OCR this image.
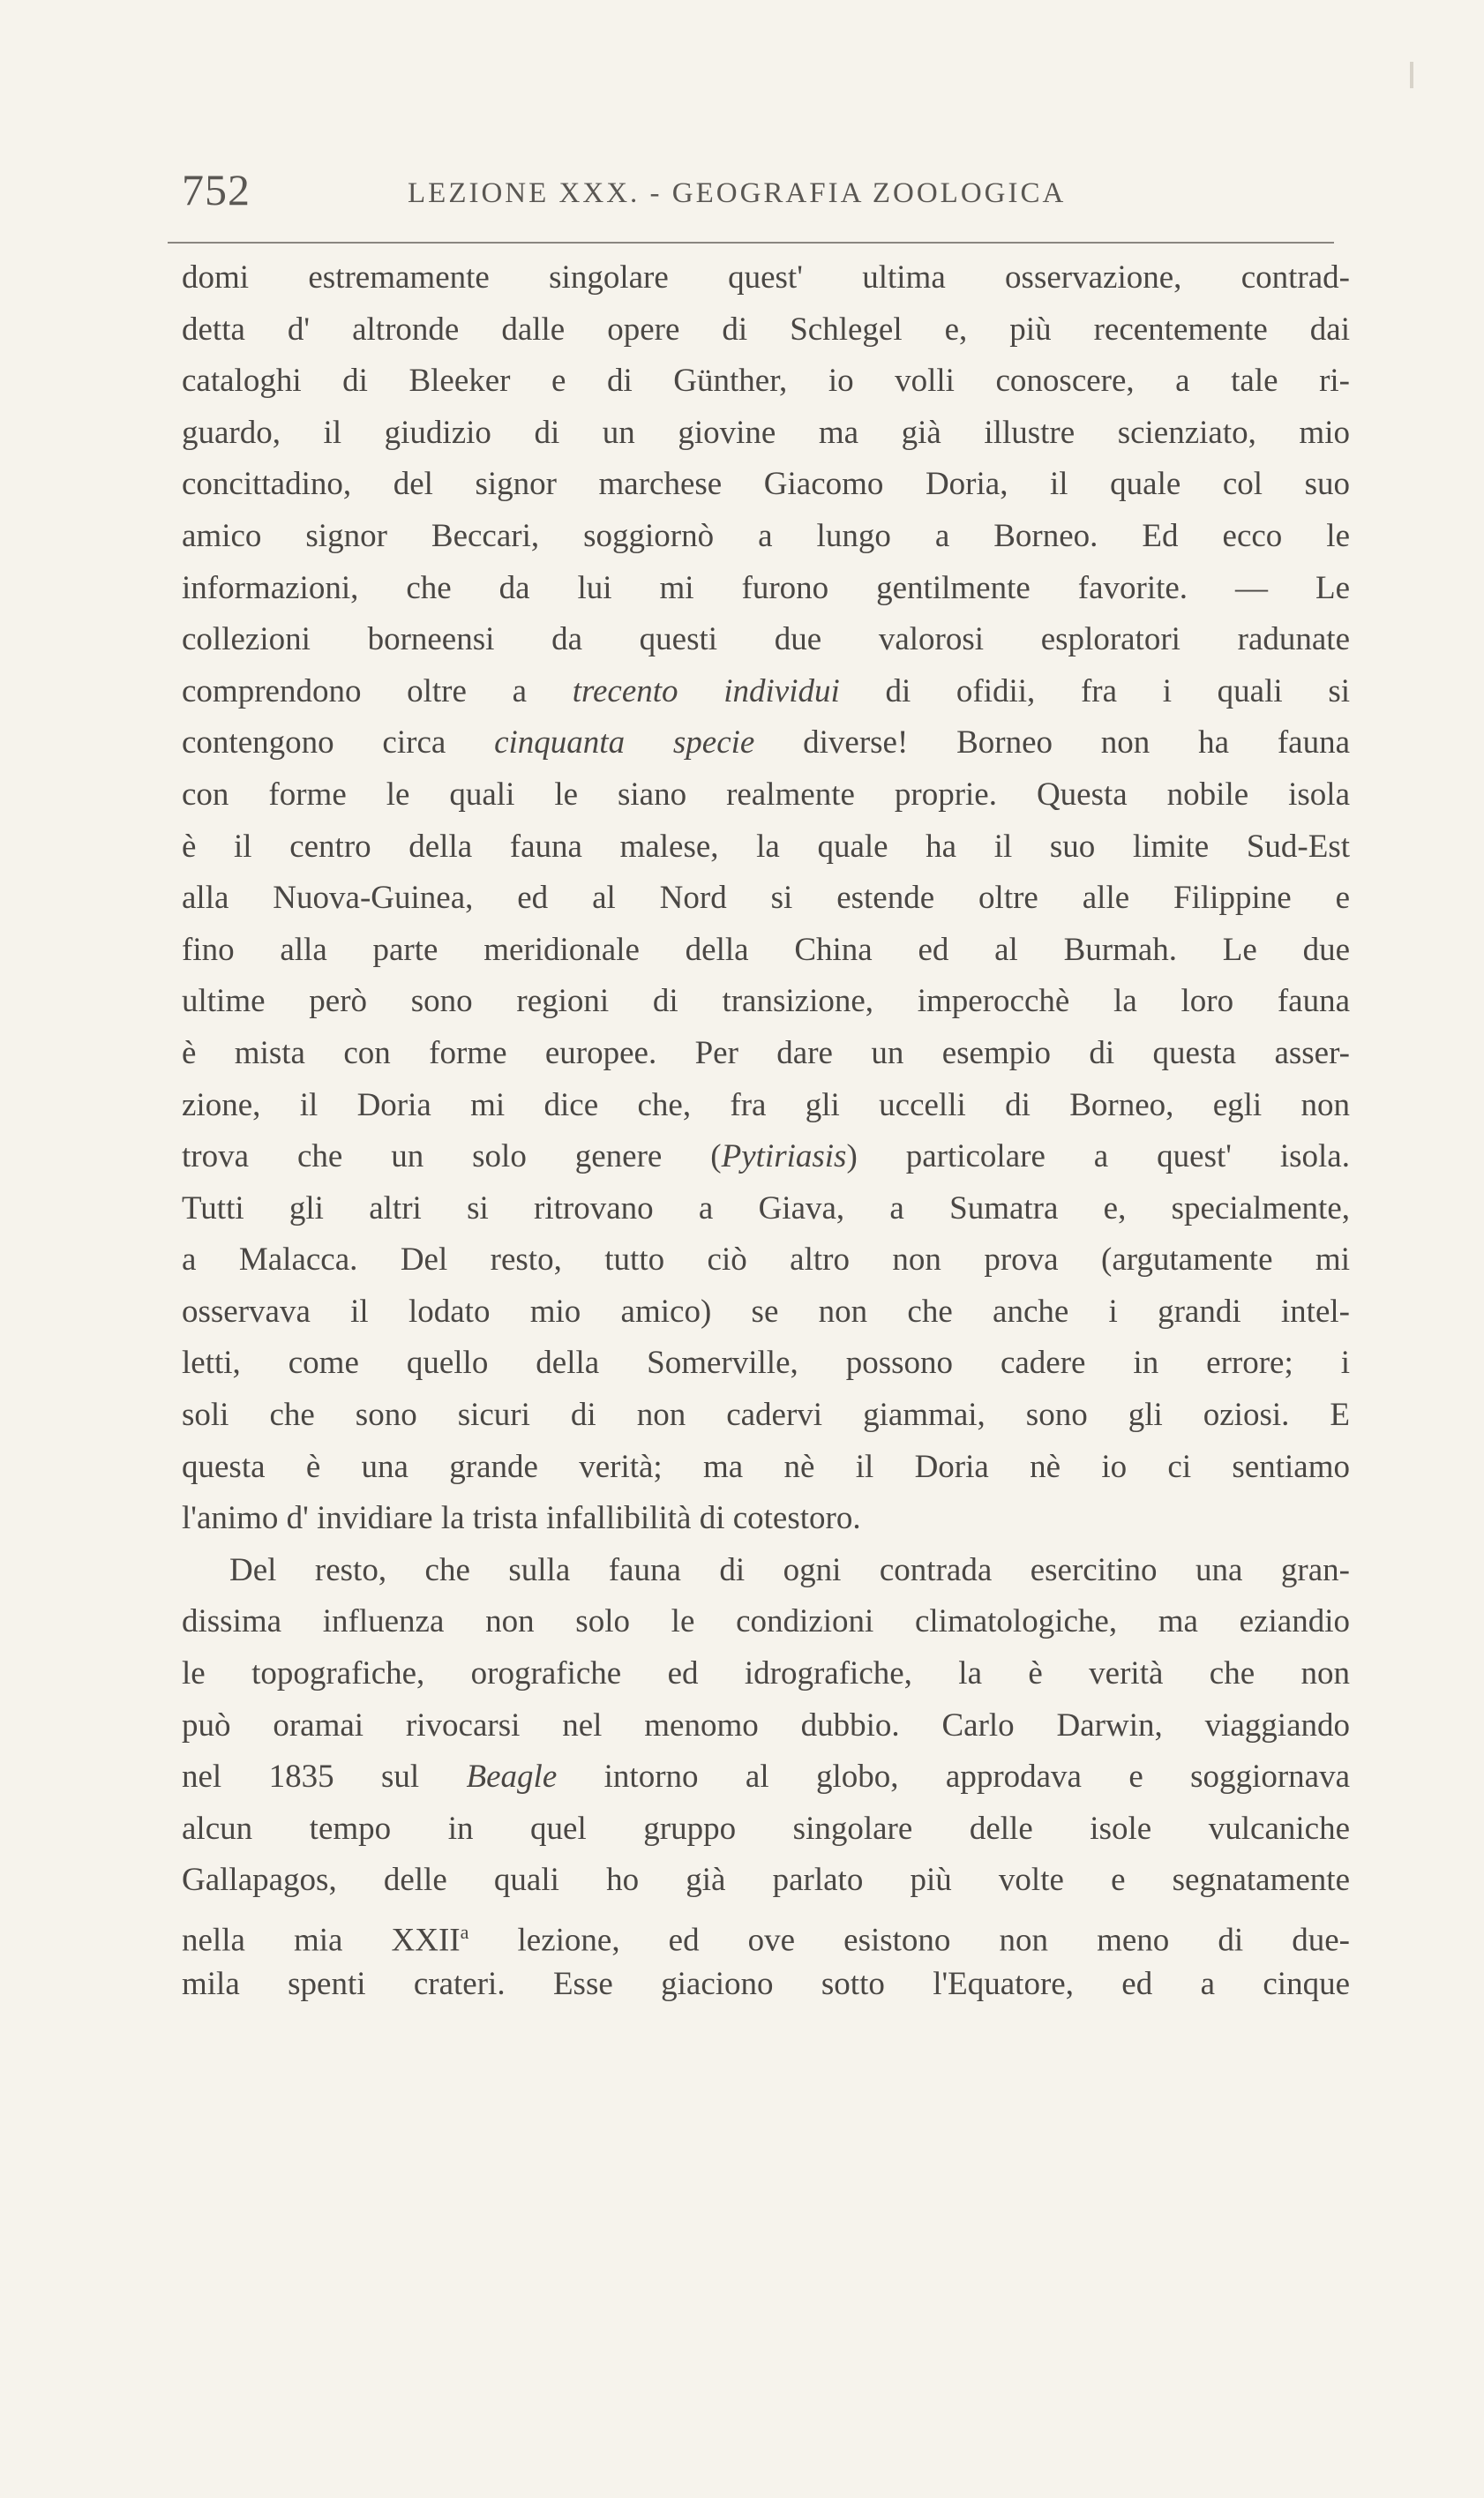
752	LEZIONE XXX. - GEOGRAFIA ZOOLOGICA
domi estremamente singolare quest' ultima osservazione, contrad-
detta d' altronde dalle opere di Schlegel e, più recentemente dai
cataloghi di Bleeker e di Günther, io volli conoscere, a tale ri-
guardo, il giudizio di un giovine ma già illustre scienziato, mio
concittadino, del signor marchese Giacomo Doria, il quale col suo
amico signor Beccari, soggiornò a lungo a Borneo. Ed ecco le
informazioni, che da lui mi furono gentilmente favorite. — Le
collezioni borneensi da questi due valorosi esploratori radunate
comprendono oltre a trecento individui di ofidii, fra i quali si
contengono circa cinquanta specie diverse! Borneo non ha fauna
con forme le quali le siano realmente proprie. Questa nobile isola
è il centro della fauna malese, la quale ha il suo limite Sud-Est
alla Nuova-Guinea, ed al Nord si estende oltre alle Filippine e
fino alla parte meridionale della China ed al Burmah. Le due
ultime però sono regioni di transizione, imperocchè la loro fauna
è mista con forme europee. Per dare un esempio di questa asser-
zione, il Doria mi dice che, fra gli uccelli di Borneo, egli non
trova che un solo genere (Pytiriasis) particolare a quest' isola.
Tutti gli altri si ritrovano a Giava, a Sumatra e, specialmente,
a Malacca. Del resto, tutto ciò altro non prova (argutamente mi
osservava il lodato mio amico) se non che anche i grandi intel-
letti, come quello della Somerville, possono cadere in errore; i
soli che sono sicuri di non cadervi giammai, sono gli oziosi. E
questa è una grande verità; ma nè il Doria nè io ci sentiamo
l'animo d' invidiare la trista infallibilità di cotestoro.
Del resto, che sulla fauna di ogni contrada esercitino una gran-
dissima influenza non solo le condizioni climatologiche, ma eziandio
le topografiche, orografiche ed idrografiche, la è verità che non
può oramai rivocarsi nel menomo dubbio. Carlo Darwin, viaggiando
nel 1835 sul Beagle intorno al globo, approdava e soggiornava
alcun tempo in quel gruppo singolare delle isole vulcaniche
Gallapagos, delle quali ho già parlato più volte e segnatamente
nella mia XXII$^a$ lezione, ed ove esistono non meno di due-
mila spenti crateri. Esse giaciono sotto l'Equatore, ed a cinque
